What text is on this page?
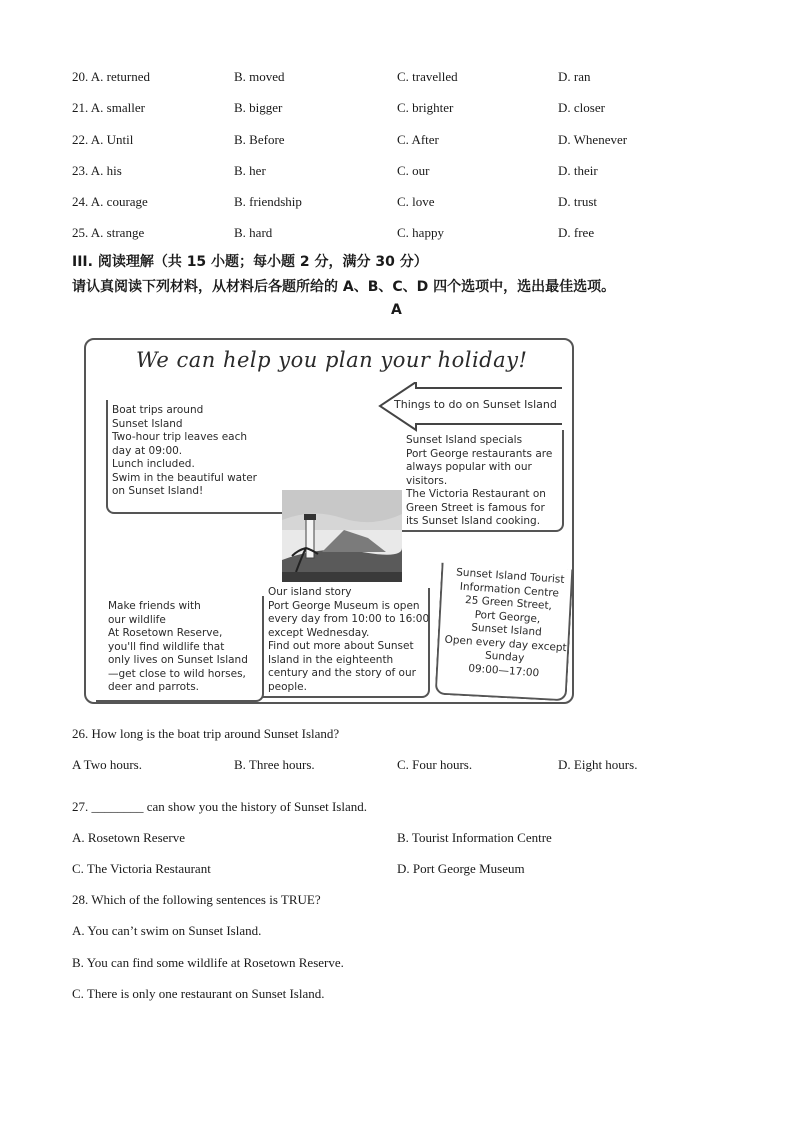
20. A. returned	B. moved	C. travelled	D. ran
21. A. smaller	B. bigger	C. brighter	D. closer
22. A. Until	B. Before	C. After	D. Whenever
23. A. his	B. her	C. our	D. their
24. A. courage	B. friendship	C. love	D. trust
25. A. strange	B. hard	C. happy	D. free
III. 阅读理解（共 15 小题；每小题 2 分，满分 30 分）
请认真阅读下列材料，从材料后各题所给的 A、B、C、D 四个选项中，选出最佳选项。
A
We can help you plan your holiday!
Things to do on Sunset Island
Boat trips around
Sunset Island
Two-hour trip leaves each
day at 09:00.
Lunch included.
Swim in the beautiful water
on Sunset Island!
Sunset Island specials
Port George restaurants are
always popular with our
visitors.
The Victoria Restaurant on
Green Street is famous for
its Sunset Island cooking.
Make friends with
our wildlife
At Rosetown Reserve,
you'll find wildlife that
only lives on Sunset Island
—get close to wild horses,
deer and parrots.
Our island story
Port George Museum is open
every day from 10:00 to 16:00
except Wednesday.
Find out more about Sunset
Island in the eighteenth
century and the story of our
people.
Sunset Island Tourist
Information Centre
25 Green Street,
Port George,
Sunset Island
Open every day except
Sunday
09:00—17:00
26. How long is the boat trip around Sunset Island?
A Two hours.	B. Three hours.	C. Four hours.	D. Eight hours.
27. ________ can show you the history of Sunset Island.
A. Rosetown Reserve	B. Tourist Information Centre
C. The Victoria Restaurant	D. Port George Museum
28. Which of the following sentences is TRUE?
A. You can’t swim on Sunset Island.
B. You can find some wildlife at Rosetown Reserve.
C. There is only one restaurant on Sunset Island.
